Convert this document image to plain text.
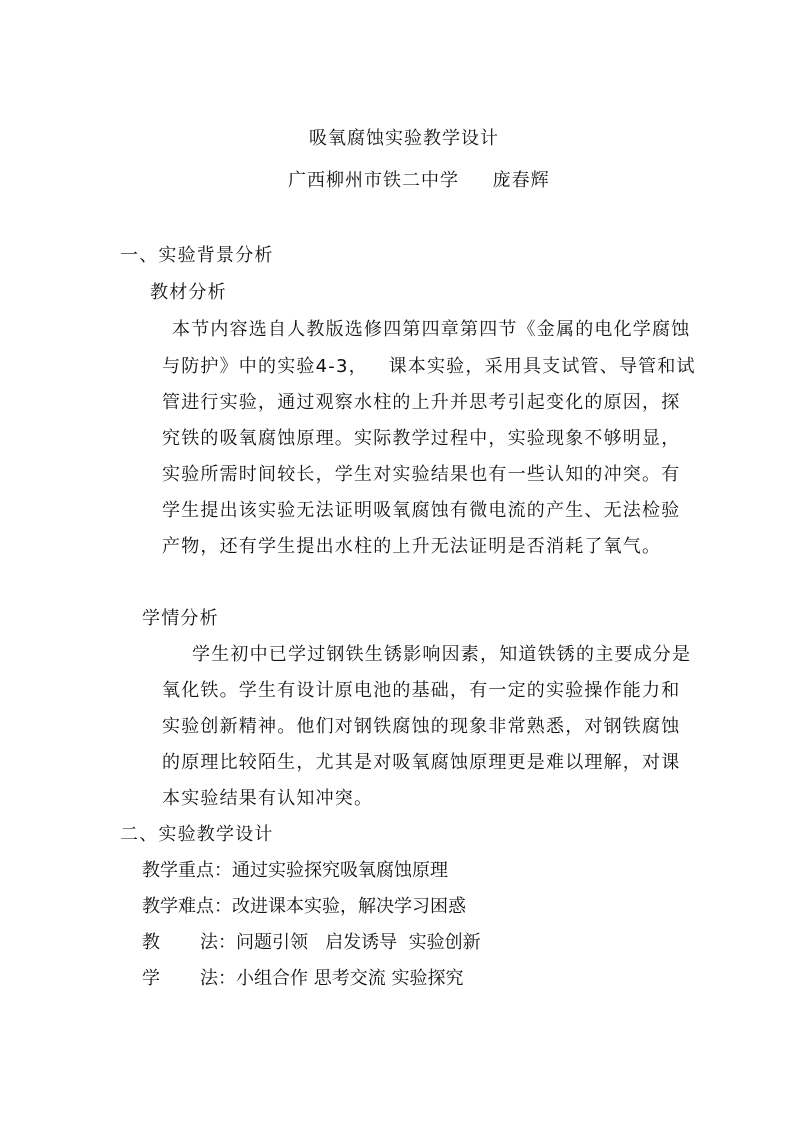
吸氧腐蚀实验教学设计
广西柳州市铁二中学     庞春辉
一、实验背景分析
教材分析
本节内容选自人教版选修四第四章第四节《金属的电化学腐蚀
与防护》中的实验4-3，   课本实验，采用具支试管、导管和试
管进行实验，通过观察水柱的上升并思考引起变化的原因，探
究铁的吸氧腐蚀原理。实际教学过程中，实验现象不够明显，
实验所需时间较长，学生对实验结果也有一些认知的冲突。有
学生提出该实验无法证明吸氧腐蚀有微电流的产生、无法检验
产物，还有学生提出水柱的上升无法证明是否消耗了氧气。
学情分析
学生初中已学过钢铁生锈影响因素，知道铁锈的主要成分是
氧化铁。学生有设计原电池的基础，有一定的实验操作能力和
实验创新精神。他们对钢铁腐蚀的现象非常熟悉，对钢铁腐蚀
的原理比较陌生，尤其是对吸氧腐蚀原理更是难以理解，对课
本实验结果有认知冲突。
二、实验教学设计
教学重点：通过实验探究吸氧腐蚀原理
教学难点：改进课本实验，解决学习困惑
教 法：问题引领   启发诱导  实验创新
学 法：小组合作 思考交流 实验探究
